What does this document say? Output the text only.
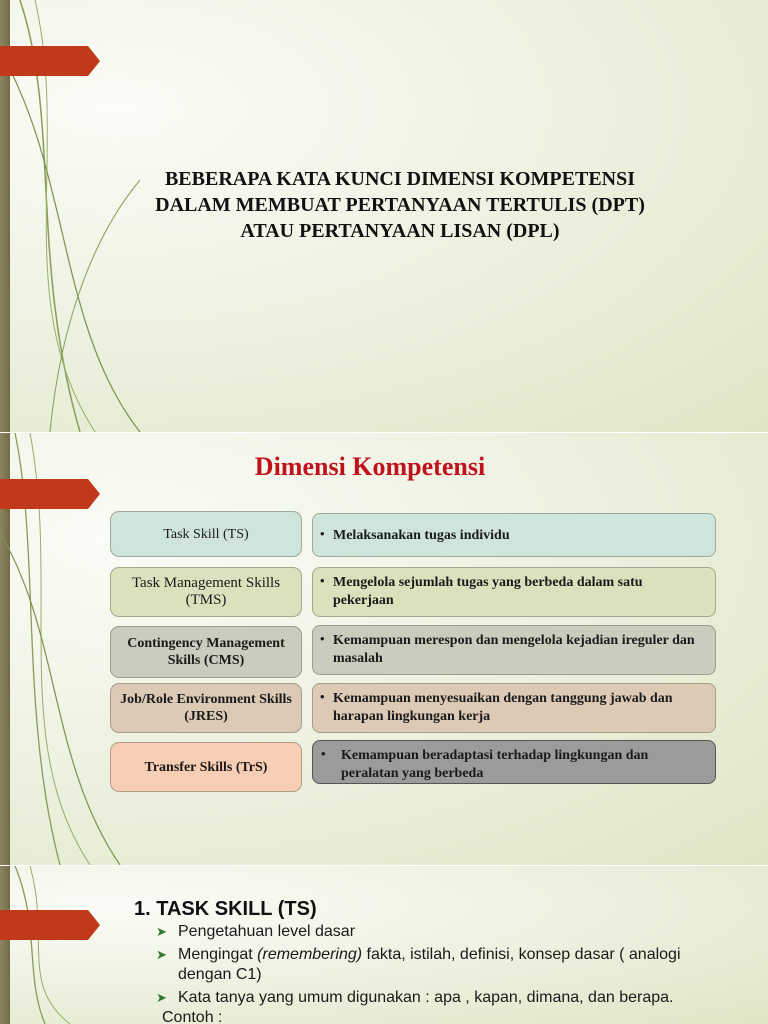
BEBERAPA KATA KUNCI DIMENSI KOMPETENSI
DALAM MEMBUAT PERTANYAAN TERTULIS (DPT)
ATAU PERTANYAAN LISAN (DPL)
Dimensi Kompetensi
Task Skill (TS)	• Melaksanakan tugas individu
Task Management Skills (TMS)
• Mengelola sejumlah tugas yang berbeda dalam satu pekerjaan
Contingency Management Skills (CMS)
• Kemampuan merespon dan mengelola kejadian ireguler dan masalah
Job/Role Environment Skills (JRES)
• Kemampuan menyesuaikan dengan tanggung jawab dan harapan lingkungan kerja
Transfer Skills (TrS)
• Kemampuan beradaptasi terhadap lingkungan dan peralatan yang berbeda
1. TASK SKILL (TS)
➤ Pengetahuan level dasar
➤ Mengingat (remembering) fakta, istilah, definisi, konsep dasar ( analogi dengan C1)
➤ Kata tanya yang umum digunakan : apa , kapan, dimana, dan berapa.
Contoh :
